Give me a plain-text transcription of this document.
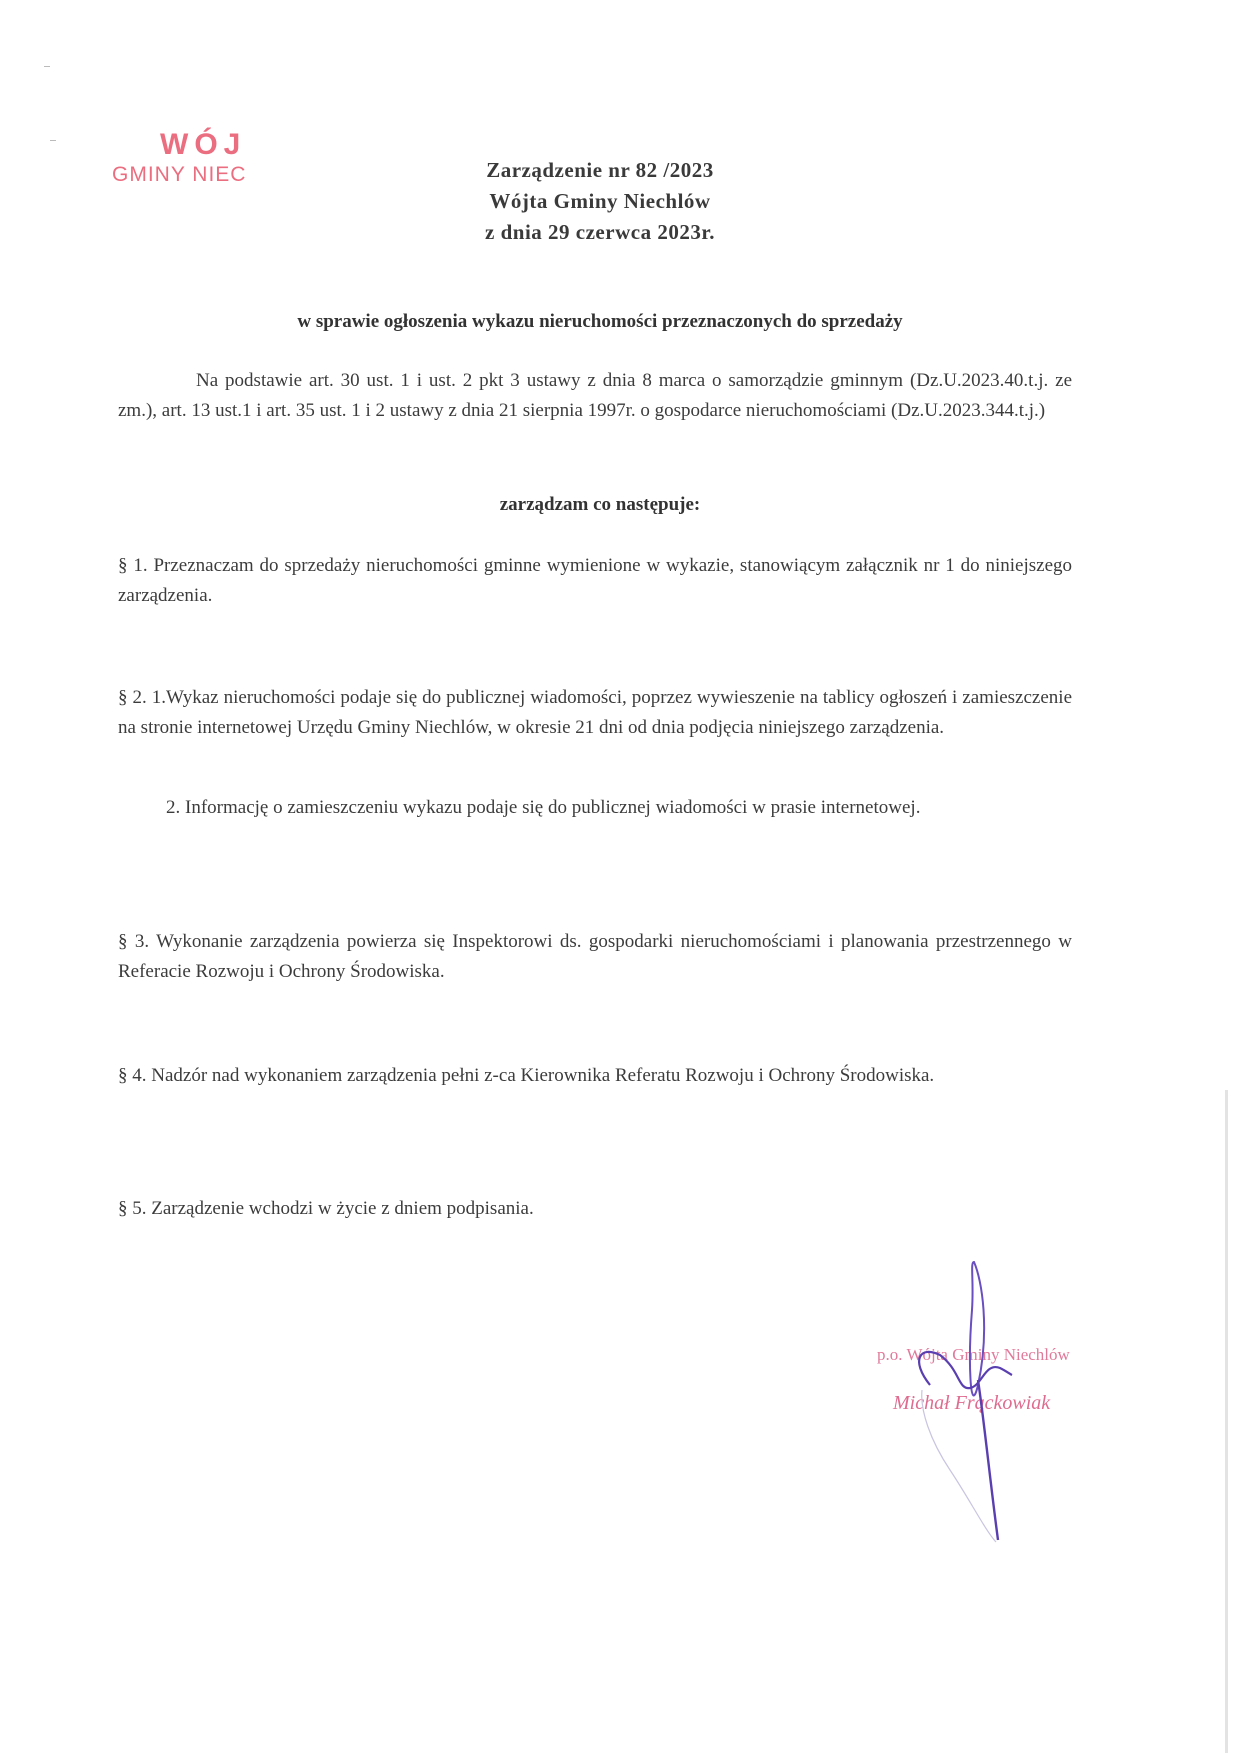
WÓJ
GMINY NIEC	Zarządzenie nr 82 /2023
Wójta Gminy Niechlów
z dnia 29 czerwca 2023r.
w sprawie ogłoszenia wykazu nieruchomości przeznaczonych do sprzedaży
Na podstawie art. 30 ust. 1 i ust. 2 pkt 3 ustawy z dnia 8 marca o samorządzie gminnym (Dz.U.2023.40.t.j. ze zm.), art. 13 ust.1 i art. 35 ust. 1 i 2 ustawy z dnia 21 sierpnia 1997r. o gospodarce nieruchomościami (Dz.U.2023.344.t.j.)
zarządzam co następuje:
§ 1. Przeznaczam do sprzedaży nieruchomości gminne wymienione w wykazie, stanowiącym załącznik nr 1 do niniejszego zarządzenia.
§ 2. 1.Wykaz nieruchomości podaje się do publicznej wiadomości, poprzez wywieszenie na tablicy ogłoszeń i zamieszczenie na stronie internetowej Urzędu Gminy Niechlów, w okresie 21 dni od dnia podjęcia niniejszego zarządzenia.
2. Informację o zamieszczeniu wykazu podaje się do publicznej wiadomości w prasie internetowej.
§ 3. Wykonanie zarządzenia powierza się Inspektorowi ds. gospodarki nieruchomościami i planowania przestrzennego w Referacie Rozwoju i Ochrony Środowiska.
§ 4. Nadzór nad wykonaniem zarządzenia pełni z-ca Kierownika Referatu Rozwoju i Ochrony Środowiska.
§ 5. Zarządzenie wchodzi w życie z dniem podpisania.
p.o. Wójta Gminy Niechlów
Michał Frąckowiak
